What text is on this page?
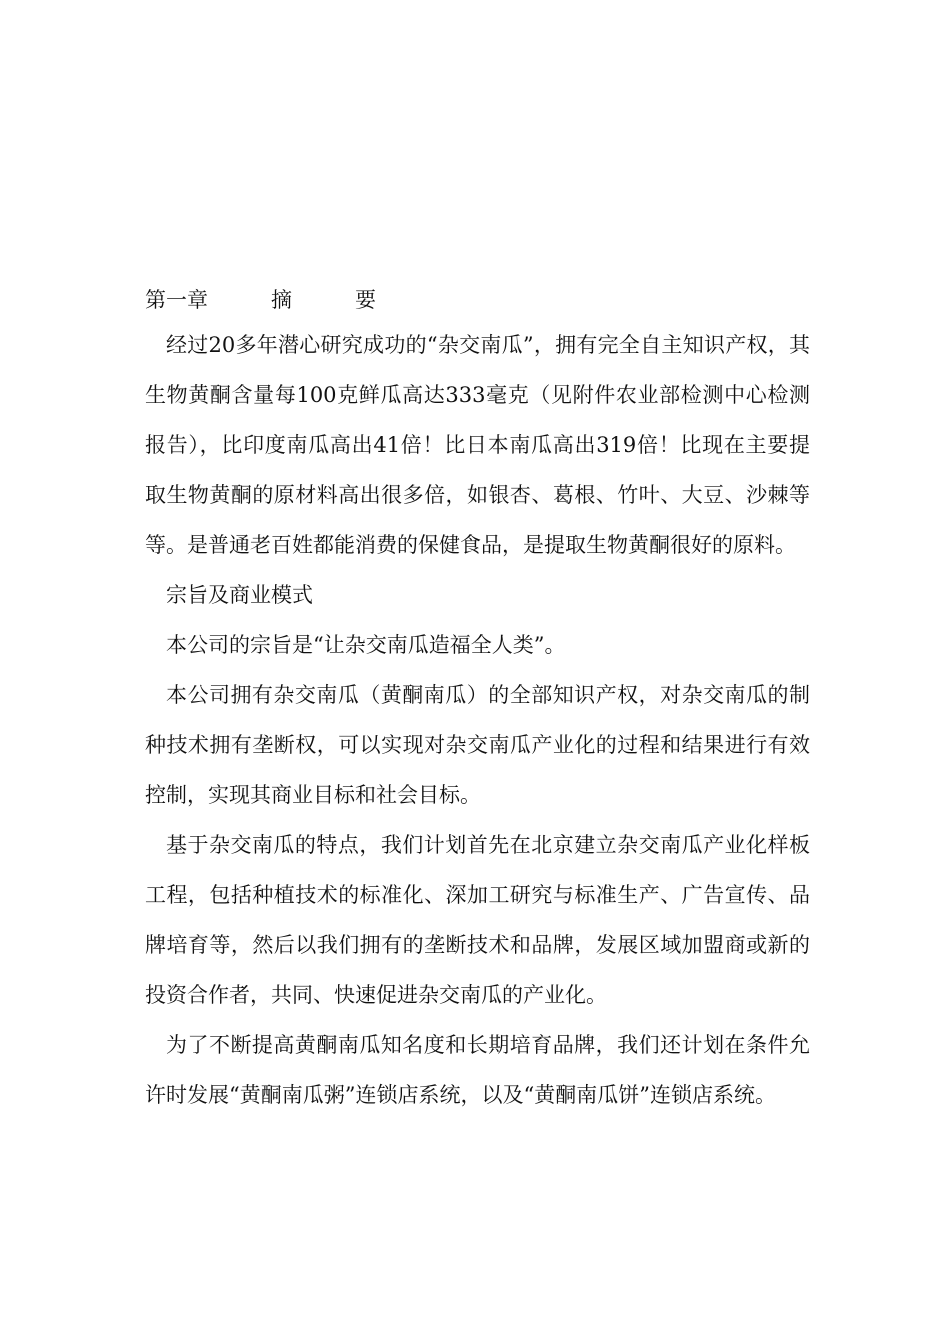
第一章　　　摘　　　要

经过20多年潜心研究成功的“杂交南瓜”，拥有完全自主知识产权，其生物黄酮含量每100克鲜瓜高达333毫克（见附件农业部检测中心检测报告），比印度南瓜高出41倍！比日本南瓜高出319倍！比现在主要提取生物黄酮的原材料高出很多倍，如银杏、葛根、竹叶、大豆、沙棘等等。是普通老百姓都能消费的保健食品，是提取生物黄酮很好的原料。

宗旨及商业模式

本公司的宗旨是“让杂交南瓜造福全人类”。

本公司拥有杂交南瓜（黄酮南瓜）的全部知识产权，对杂交南瓜的制种技术拥有垄断权，可以实现对杂交南瓜产业化的过程和结果进行有效控制，实现其商业目标和社会目标。

基于杂交南瓜的特点，我们计划首先在北京建立杂交南瓜产业化样板工程，包括种植技术的标准化、深加工研究与标准生产、广告宣传、品牌培育等，然后以我们拥有的垄断技术和品牌，发展区域加盟商或新的投资合作者，共同、快速促进杂交南瓜的产业化。

为了不断提高黄酮南瓜知名度和长期培育品牌，我们还计划在条件允许时发展“黄酮南瓜粥”连锁店系统，以及“黄酮南瓜饼”连锁店系统。
